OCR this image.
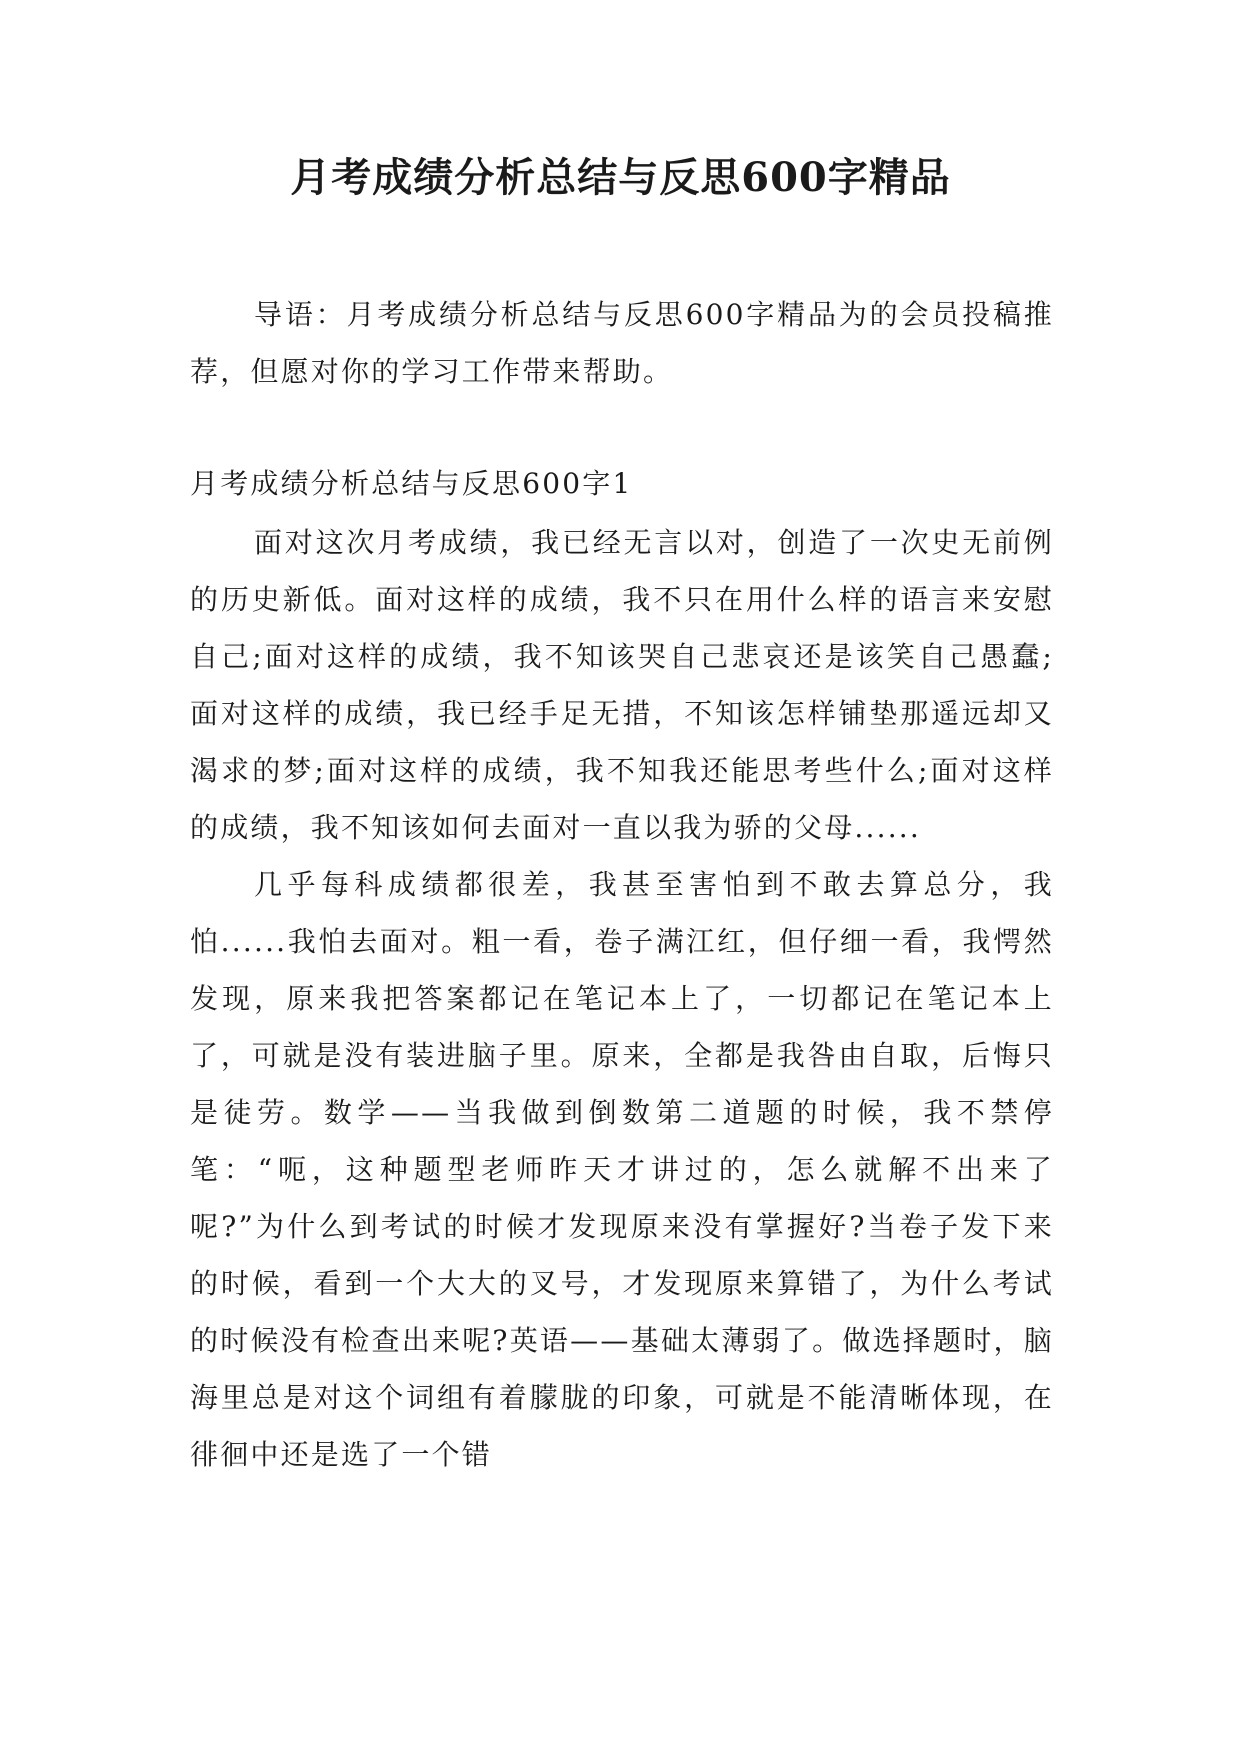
月考成绩分析总结与反思600字精品

导语：月考成绩分析总结与反思600字精品为的会员投稿推荐，但愿对你的学习工作带来帮助。

月考成绩分析总结与反思600字1

面对这次月考成绩，我已经无言以对，创造了一次史无前例的历史新低。面对这样的成绩，我不只在用什么样的语言来安慰自己;面对这样的成绩，我不知该哭自己悲哀还是该笑自己愚蠢;面对这样的成绩，我已经手足无措，不知该怎样铺垫那遥远却又渴求的梦;面对这样的成绩，我不知我还能思考些什么;面对这样的成绩，我不知该如何去面对一直以我为骄的父母......

几乎每科成绩都很差，我甚至害怕到不敢去算总分，我怕......我怕去面对。粗一看，卷子满江红，但仔细一看，我愕然发现，原来我把答案都记在笔记本上了，一切都记在笔记本上了，可就是没有装进脑子里。原来，全都是我咎由自取，后悔只是徒劳。数学——当我做到倒数第二道题的时候，我不禁停笔：“呃，这种题型老师昨天才讲过的，怎么就解不出来了呢?”为什么到考试的时候才发现原来没有掌握好?当卷子发下来的时候，看到一个大大的叉号，才发现原来算错了，为什么考试的时候没有检查出来呢?英语——基础太薄弱了。做选择题时，脑海里总是对这个词组有着朦胧的印象，可就是不能清晰体现，在徘徊中还是选了一个错
